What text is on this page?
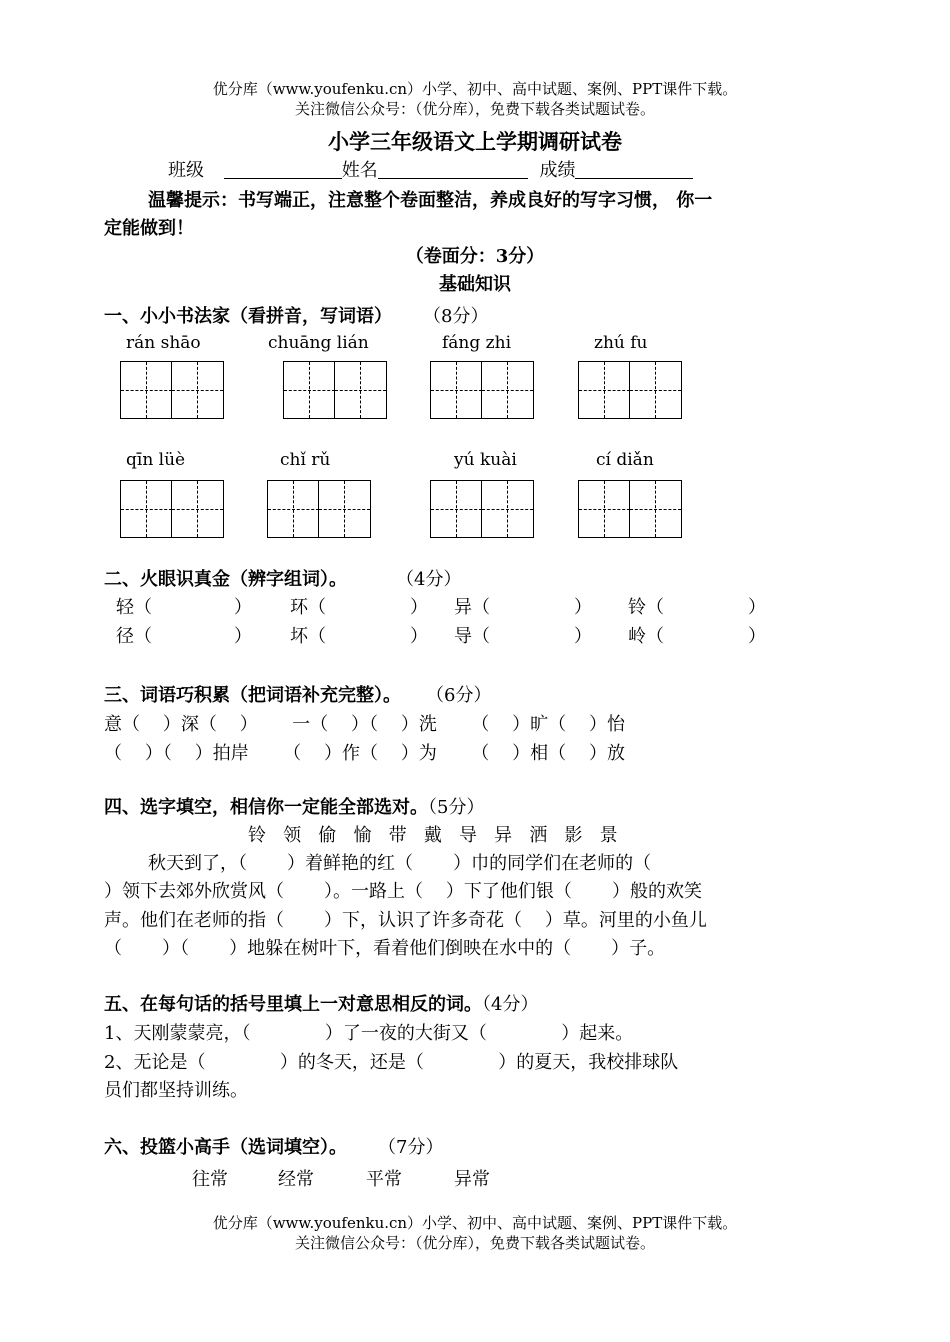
优分库（www.youfenku.cn）小学、初中、高中试题、案例、PPT课件下载。
关注微信公众号：（优分库），免费下载各类试题试卷。
小学三年级语文上学期调研试卷
班级	姓名	成绩
温馨提示：书写端正，注意整个卷面整洁，养成良好的写字习惯， 你一
定能做到！
（卷面分：3分）
基础知识
一、小小书法家（看拼音，写词语） （8分）
rán shāo	chuāng lián	fáng zhi	zhú fu
qīn lüè	chǐ rǔ	yú kuài	cí diǎn
二、火眼识真金（辨字组词）。	（4分）
轻（	） 环（	） 异（	） 铃（	）
径（	） 坏（	） 导（	） 岭（	）
三、词语巧积累（把词语补充完整）。 （6分）
意（    ）深（    ）      一（    ）（    ）洗      （    ）旷（    ）怡
（    ）（    ）拍岸      （    ）作（    ）为      （    ）相（    ）放
四、选字填空，相信你一定能全部选对。（5分）
铃   领   偷   愉   带   戴   导   异   洒   影   景
秋天到了，（       ）着鲜艳的红（       ）巾的同学们在老师的（
）领下去郊外欣赏风（       ）。一路上（    ）下了他们银（       ）般的欢笑
声。他们在老师的指（       ）下，认识了许多奇花（    ）草。河里的小鱼儿
（       ）（       ）地躲在树叶下，看着他们倒映在水中的（       ）子。
五、在每句话的括号里填上一对意思相反的词。（4分）
1、天刚蒙蒙亮，（             ）了一夜的大街又（             ）起来。
2、无论是（             ）的冬天，还是（             ）的夏天，我校排球队
员们都坚持训练。
六、投篮小高手（选词填空）。 （7分）
往常	经常	平常	异常
优分库（www.youfenku.cn）小学、初中、高中试题、案例、PPT课件下载。
关注微信公众号：（优分库），免费下载各类试题试卷。
